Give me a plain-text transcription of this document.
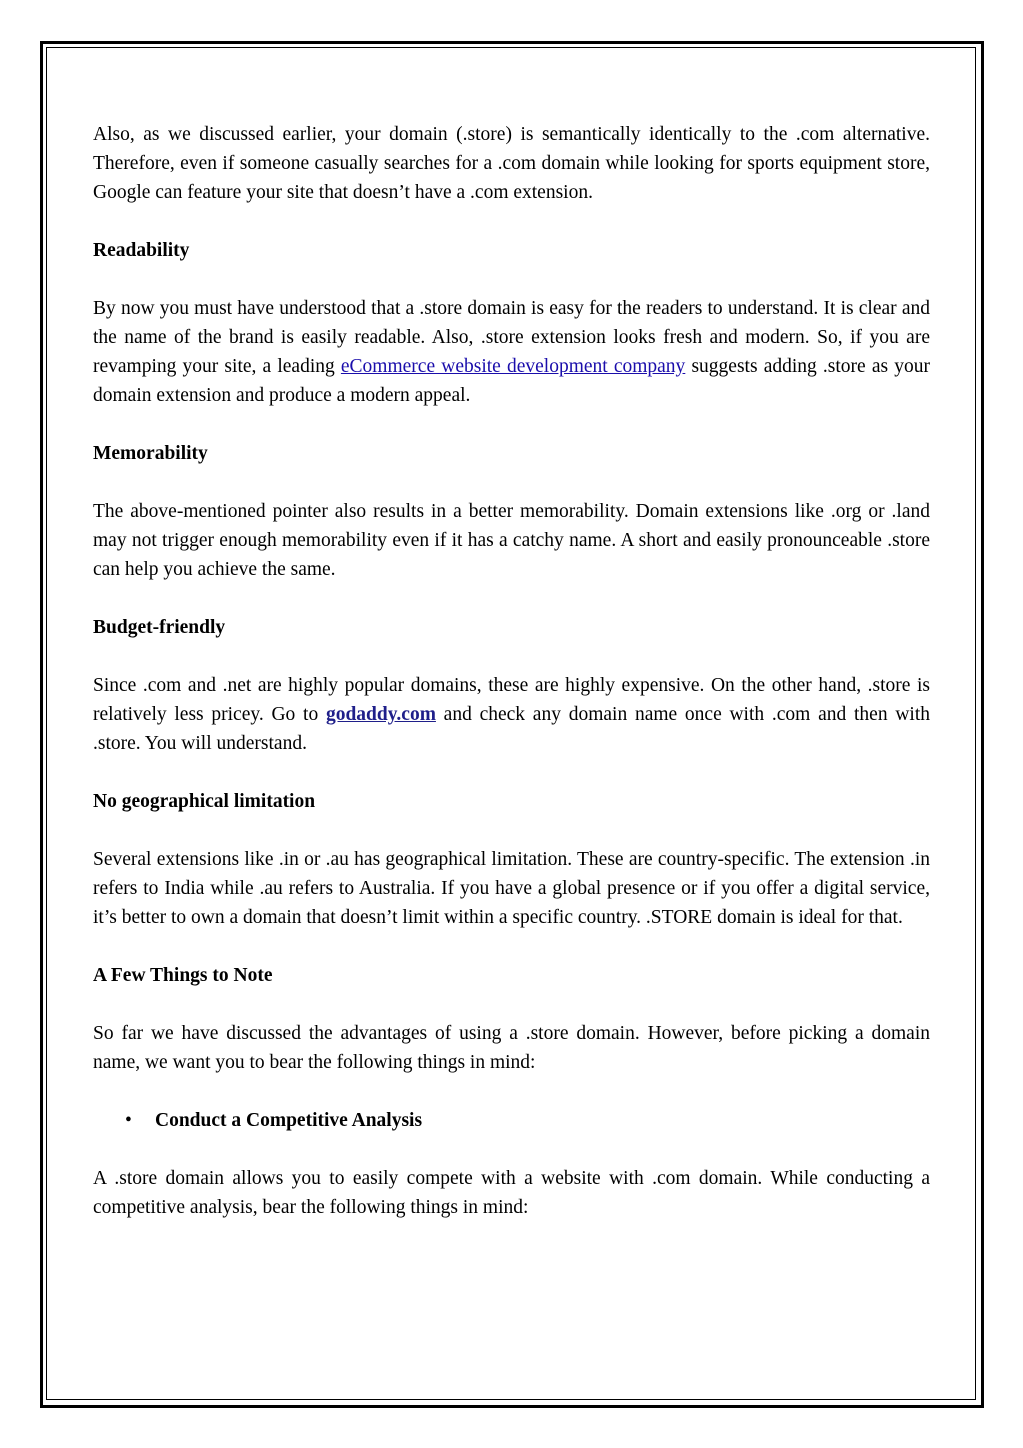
Also, as we discussed earlier, your domain (.store) is semantically identically to the .com alternative. Therefore, even if someone casually searches for a .com domain while looking for sports equipment store, Google can feature your site that doesn’t have a .com extension.

Readability

By now you must have understood that a .store domain is easy for the readers to understand. It is clear and the name of the brand is easily readable. Also, .store extension looks fresh and modern. So, if you are revamping your site, a leading eCommerce website development company suggests adding .store as your domain extension and produce a modern appeal.

Memorability

The above-mentioned pointer also results in a better memorability. Domain extensions like .org or .land may not trigger enough memorability even if it has a catchy name. A short and easily pronounceable .store can help you achieve the same.

Budget-friendly

Since .com and .net are highly popular domains, these are highly expensive. On the other hand, .store is relatively less pricey. Go to godaddy.com and check any domain name once with .com and then with .store. You will understand.

No geographical limitation

Several extensions like .in or .au has geographical limitation. These are country-specific. The extension .in refers to India while .au refers to Australia. If you have a global presence or if you offer a digital service, it’s better to own a domain that doesn’t limit within a specific country. .STORE domain is ideal for that.

A Few Things to Note

So far we have discussed the advantages of using a .store domain. However, before picking a domain name, we want you to bear the following things in mind:

• Conduct a Competitive Analysis

A .store domain allows you to easily compete with a website with .com domain. While conducting a competitive analysis, bear the following things in mind:
